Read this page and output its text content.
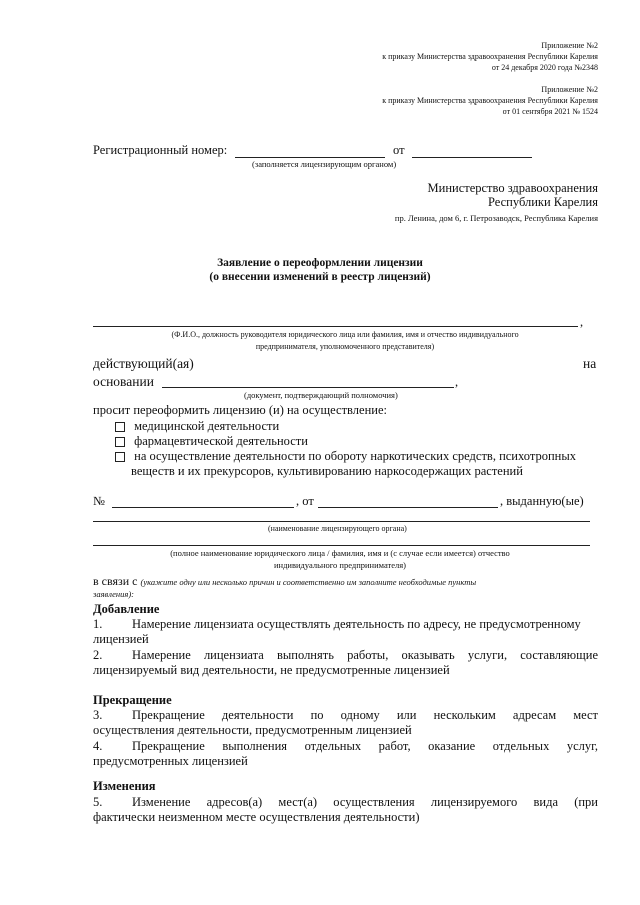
Приложение №2
к приказу Министерства здравоохранения Республики Карелия
от 24 декабря 2020 года №2348
Приложение №2
к приказу Министерства здравоохранения Республики Карелия
от 01 сентября 2021 № 1524
Регистрационный номер:	от
(заполняется лицензирующим органом)
Министерство здравоохранения
Республики Карелия
пр. Ленина, дом 6, г. Петрозаводск, Республика Карелия
Заявление о переоформлении лицензии
(о внесении изменений в реестр лицензий)
,
(Ф.И.О., должность руководителя юридического лица или фамилия, имя и отчество индивидуального
предпринимателя, уполномоченного представителя)
действующий(ая)	на
основании	,
(документ, подтверждающий полномочия)
просит переоформить лицензию (и) на осуществление:
медицинской деятельности
фармацевтической деятельности
на осуществление деятельности по обороту наркотических средств, психотропных
веществ и их прекурсоров, культивированию наркосодержащих растений
№	, от	, выданную(ые)
(наименование лицензирующего органа)
(полное наименование юридического лица / фамилия, имя и (с случае если имеется) отчество
индивидуального предпринимателя)
в связи с (укажите одну или несколько причин и соответственно им заполните необходимые пункты
заявления):
Добавление
1. Намерение лицензиата осуществлять деятельность по адресу, не предусмотренному
лицензией
2. Намерение лицензиата выполнять работы, оказывать услуги, составляющие
лицензируемый вид деятельности, не предусмотренные лицензией
Прекращение
3. Прекращение деятельности по одному или нескольким адресам мест
осуществления деятельности, предусмотренным лицензией
4. Прекращение выполнения отдельных работ, оказание отдельных услуг,
предусмотренных лицензией
Изменения
5. Изменение адресов(а) мест(а) осуществления лицензируемого вида (при
фактически неизменном месте осуществления деятельности)
